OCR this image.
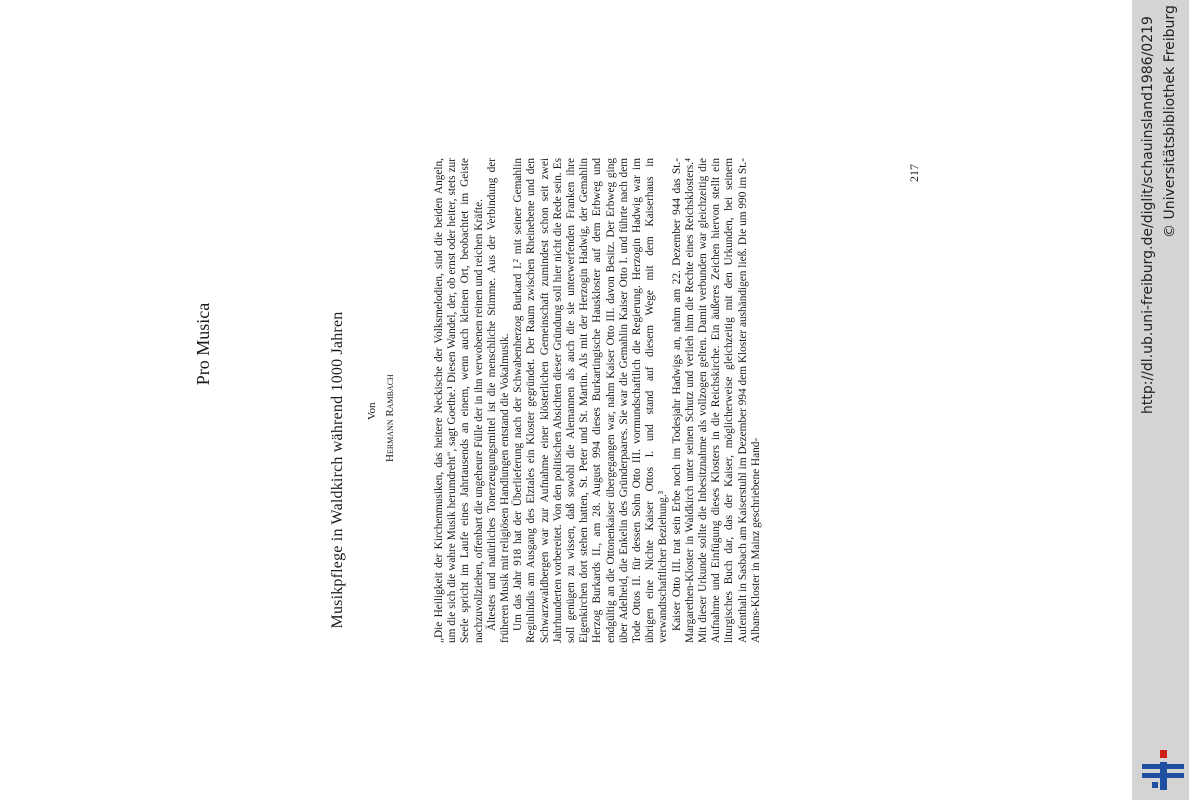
Pro Musica	Musikpflege in Waldkirch während 1000 Jahren Von Hermann Rambach	„Die Heiligkeit der Kirchenmusiken, das heitere Neckische der Volksmelodien, sind die beiden Angeln, um die sich die wahre Musik herumdreht", sagt Goethe.¹ Diesen Wandel, der, ob ernst oder heiter, stets zur Seele spricht im Laufe eines Jahrtausends an einem, wenn auch kleinen Ort, beobachtet im Geiste nachzuvollziehen, offenbart die ungeheure Fülle der in ihn verwobenen reinen und reichen Kräfte. Ältestes und natürliches Tonerzeugungsmittel ist die menschliche Stimme. Aus der Verbindung der früheren Musik mit religiösen Handlungen entstand die Vokalmusik. Um das Jahr 918 hat der Überlieferung nach der Schwabenherzog Burkard I.² mit seiner Gemahlin Reginlindis am Ausgang des Elztales ein Kloster gegründet. Der Raum zwischen Rheinebene und den Schwarzwaldbergen war zur Aufnahme einer klösterlichen Gemeinschaft zumindest schon seit zwei Jahrhunderten vorbereitet. Von den politischen Absichten dieser Gründung soll hier nicht die Rede sein. Es soll genügen zu wissen, daß sowohl die Alemannen als auch die sie unterwerfenden Franken ihre Eigenkirchen dort stehen hatten, St. Peter und St. Martin. Als mit der Herzogin Hadwig, der Gemahlin Herzog Burkards II., am 28. August 994 dieses Burkartingische Hauskloster auf dem Erbweg und endgültig an die Ottonenkaiser übergegangen war, nahm Kaiser Otto III. davon Besitz. Der Erbweg ging über Adelheid, die Enkelin des Gründerpaares. Sie war die Gemahlin Kaiser Otto I. und führte nach dem Tode Ottos II. für dessen Sohn Otto III. vormundschaftlich die Regierung. Herzogin Hadwig war im übrigen eine Nichte Kaiser Ottos I. und stand auf diesem Wege mit dem Kaiserhaus in verwandtschaftlicher Beziehung.³ Kaiser Otto III. trat sein Erbe noch im Todesjahr Hadwigs an, nahm am 22. Dezember 944 das St.-Margarethen-Kloster in Waldkirch unter seinen Schutz und verlieh ihm die Rechte eines Reichsklosters.⁴ Mit dieser Urkunde sollte die Inbesitznahme als vollzogen gelten. Damit verbunden war gleichzeitig die Aufnahme und Einfügung dieses Klosters in die Reichskirche. Ein äußeres Zeichen hiervon stellt ein liturgisches Buch dar, das der Kaiser, möglicherweise gleichzeitig mit den Urkunden, bei seinem Aufenthalt in Sasbach am Kaiserstuhl im Dezember 994 dem Kloster aushändigen ließ. Die um 990 im St.-Albans-Kloster in Mainz geschriebene Hand-

217	http://dl.ub.uni-freiburg.de/diglit/schauinsland1986/0219 © Universitätsbibliothek Freiburg
